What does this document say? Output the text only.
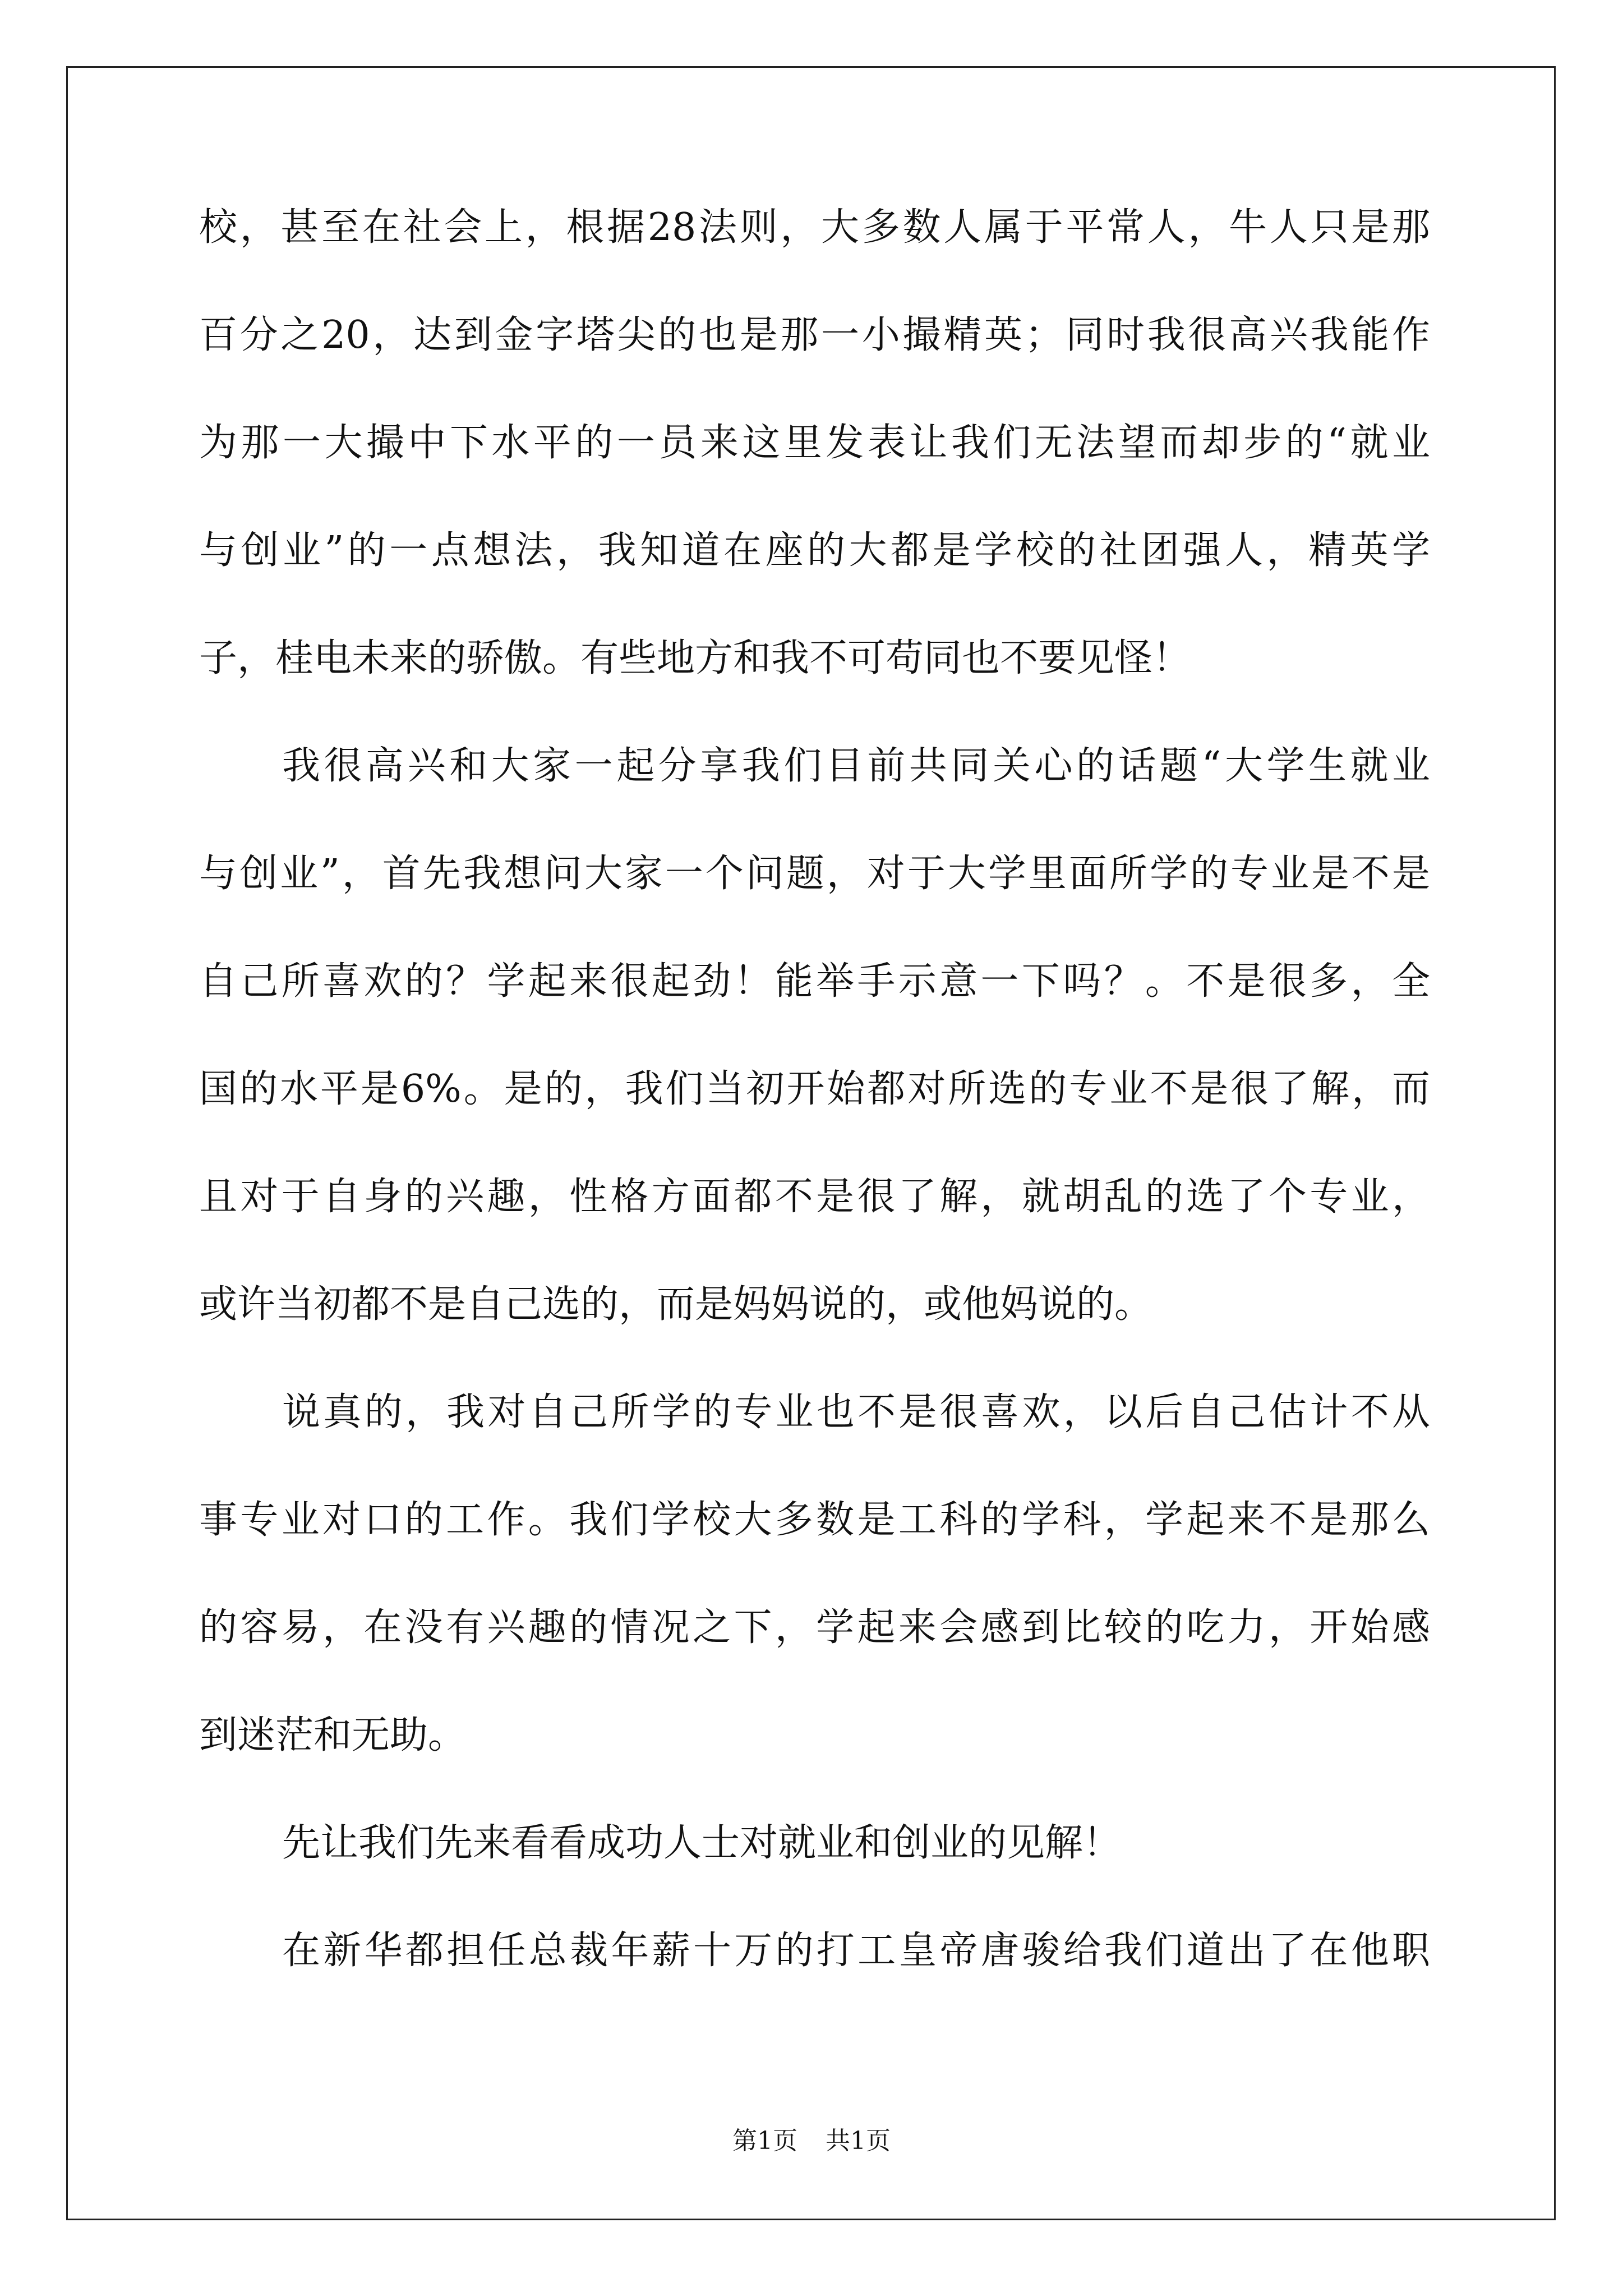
校，甚至在社会上，根据28法则，大多数人属于平常人，牛人只是那
百分之20，达到金字塔尖的也是那一小撮精英；同时我很高兴我能作
为那一大撮中下水平的一员来这里发表让我们无法望而却步的“就业
与创业”的一点想法，我知道在座的大都是学校的社团强人，精英学
子，桂电未来的骄傲。有些地方和我不可苟同也不要见怪！
我很高兴和大家一起分享我们目前共同关心的话题“大学生就业
与创业”，首先我想问大家一个问题，对于大学里面所学的专业是不是
自己所喜欢的？学起来很起劲！能举手示意一下吗？。不是很多，全
国的水平是6%。是的，我们当初开始都对所选的专业不是很了解，而
且对于自身的兴趣，性格方面都不是很了解，就胡乱的选了个专业，
或许当初都不是自己选的，而是妈妈说的，或他妈说的。
说真的，我对自己所学的专业也不是很喜欢，以后自己估计不从
事专业对口的工作。我们学校大多数是工科的学科，学起来不是那么
的容易，在没有兴趣的情况之下，学起来会感到比较的吃力，开始感
到迷茫和无助。
先让我们先来看看成功人士对就业和创业的见解！
在新华都担任总裁年薪十万的打工皇帝唐骏给我们道出了在他职
第1页 共1页
